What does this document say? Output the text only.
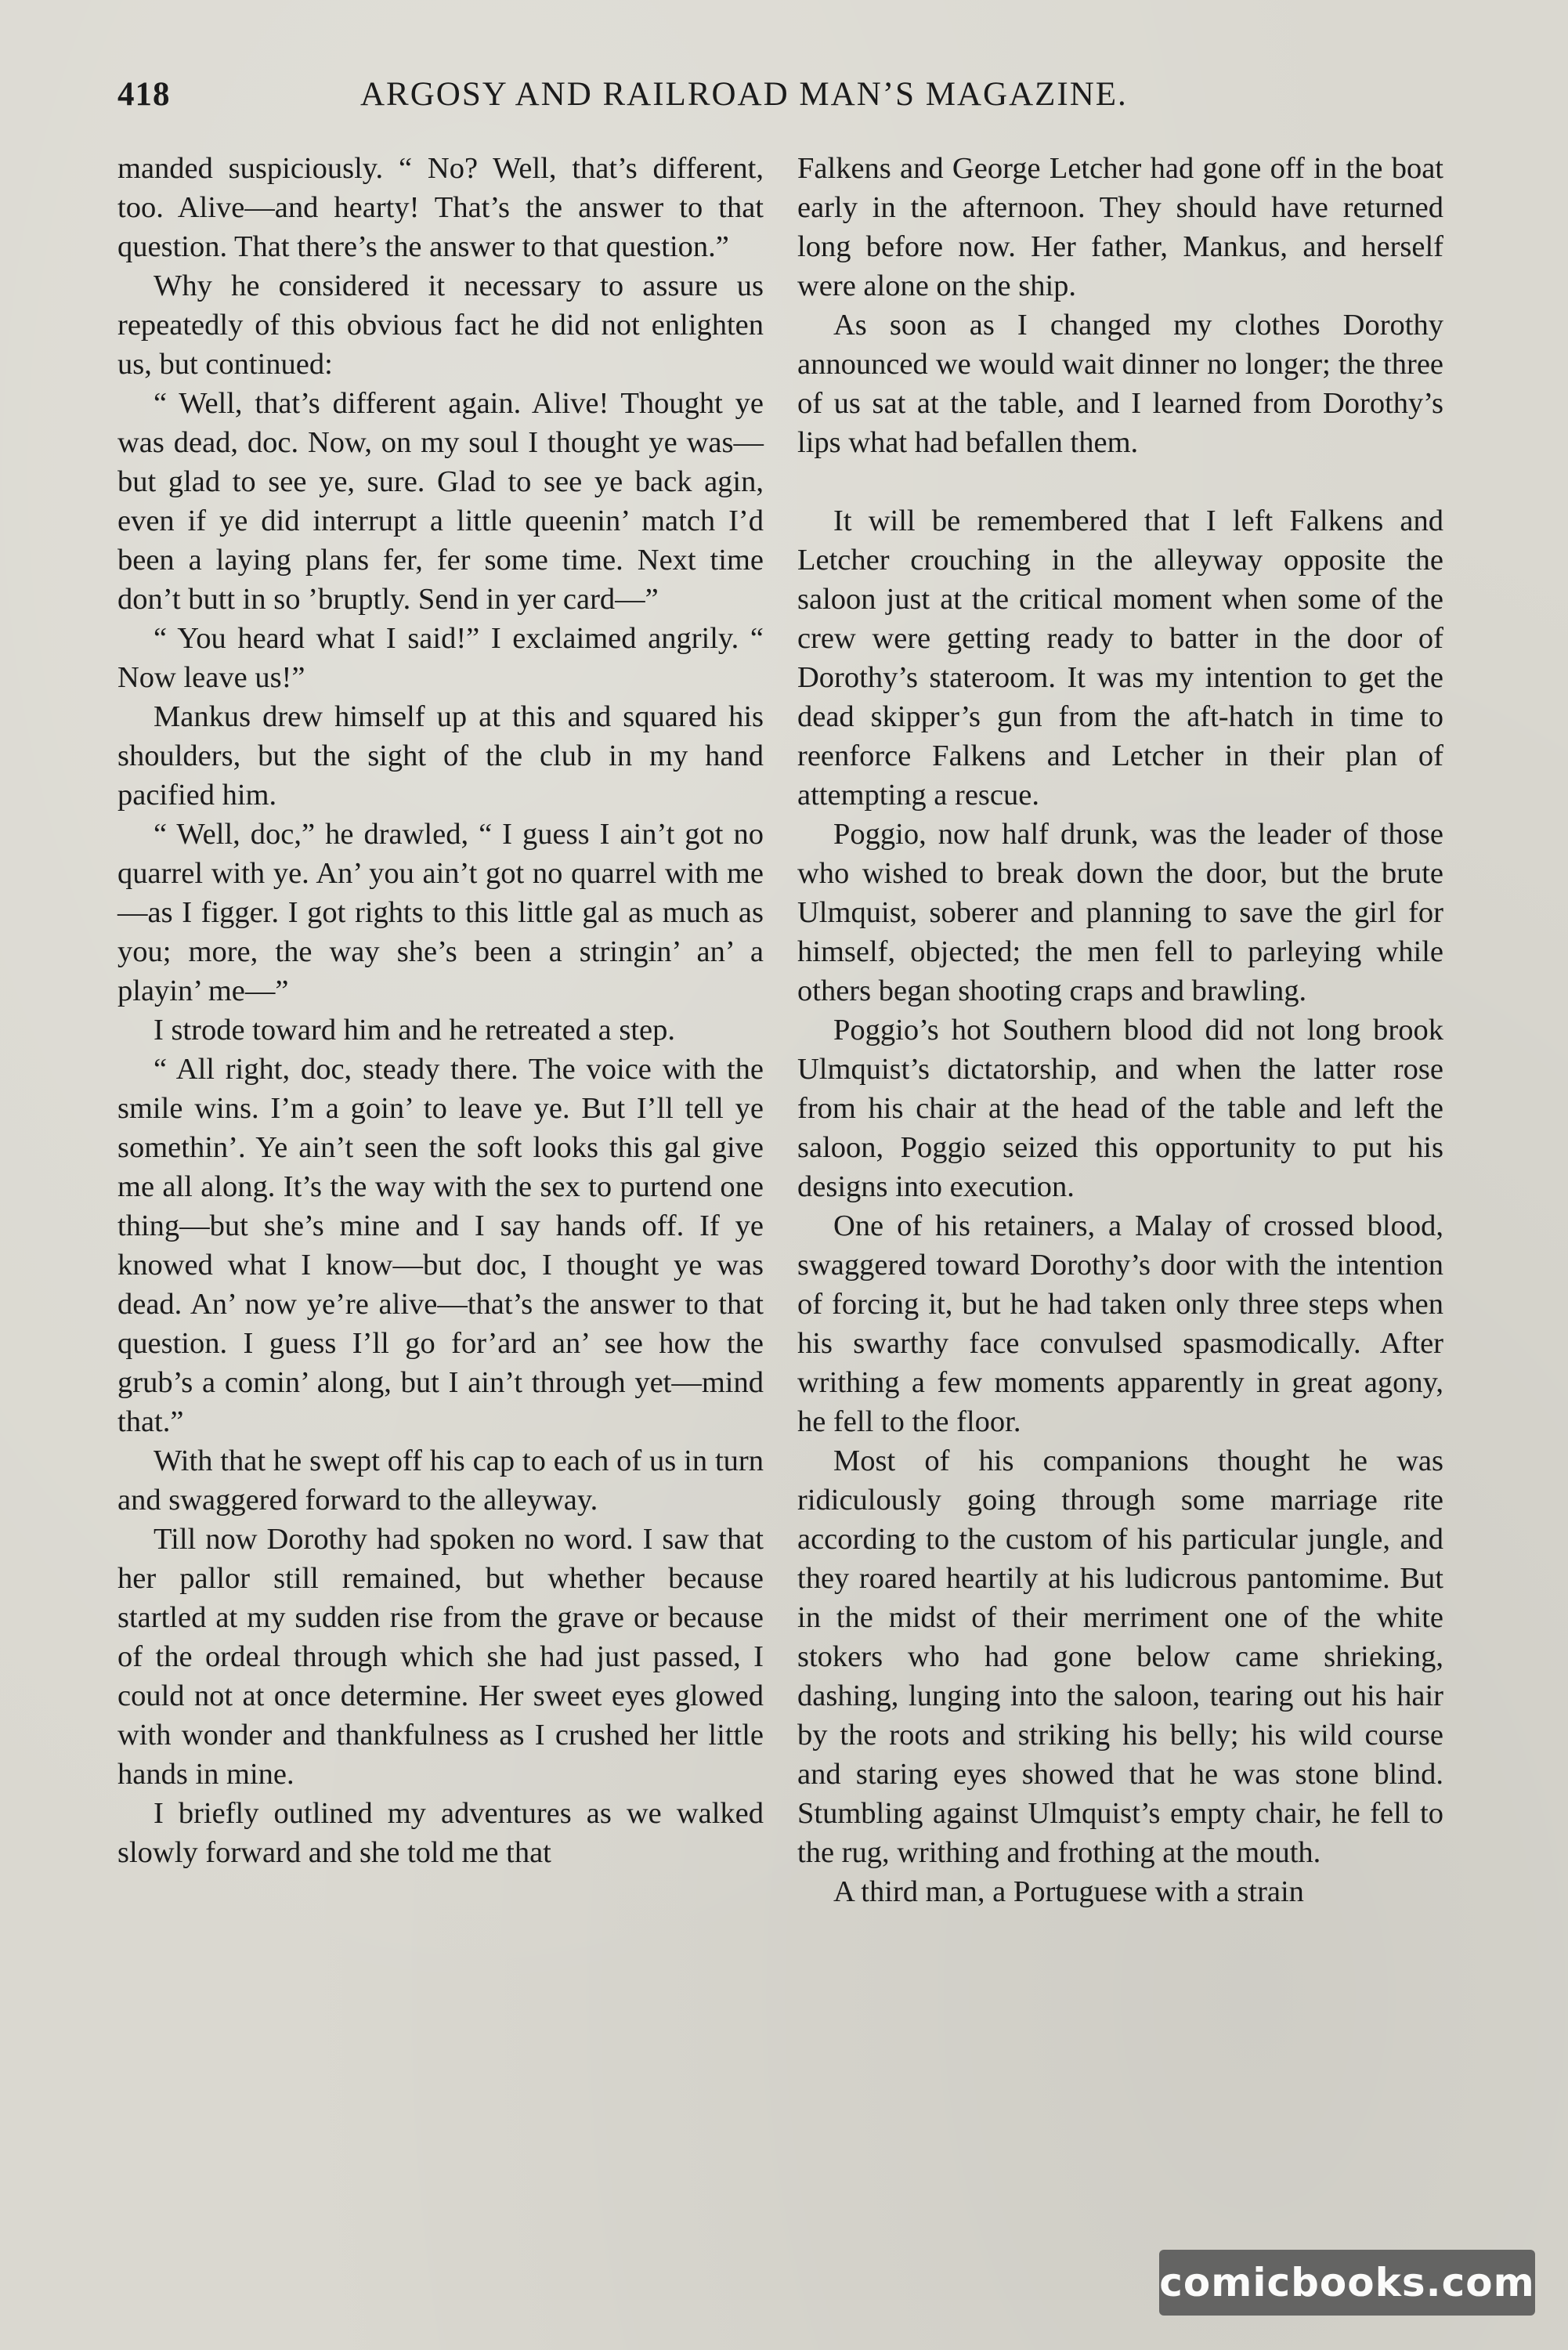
418	ARGOSY AND RAILROAD MAN’S MAGAZINE.

manded suspiciously. “ No? Well, that’s different, too. Alive—and hearty! That’s the answer to that question. That there’s the answer to that question.”

Why he considered it necessary to assure us repeatedly of this obvious fact he did not enlighten us, but continued:

“ Well, that’s different again. Alive! Thought ye was dead, doc. Now, on my soul I thought ye was—but glad to see ye, sure. Glad to see ye back agin, even if ye did interrupt a little queenin’ match I’d been a laying plans fer, fer some time. Next time don’t butt in so ’bruptly. Send in yer card—”

“ You heard what I said!” I exclaimed angrily. “ Now leave us!”

Mankus drew himself up at this and squared his shoulders, but the sight of the club in my hand pacified him.

“ Well, doc,” he drawled, “ I guess I ain’t got no quarrel with ye. An’ you ain’t got no quarrel with me—as I figger. I got rights to this little gal as much as you; more, the way she’s been a stringin’ an’ a playin’ me—”

I strode toward him and he retreated a step.

“ All right, doc, steady there. The voice with the smile wins. I’m a goin’ to leave ye. But I’ll tell ye somethin’. Ye ain’t seen the soft looks this gal give me all along. It’s the way with the sex to purtend one thing—but she’s mine and I say hands off. If ye knowed what I know—but doc, I thought ye was dead. An’ now ye’re alive—that’s the answer to that question. I guess I’ll go for’ard an’ see how the grub’s a comin’ along, but I ain’t through yet—mind that.”

With that he swept off his cap to each of us in turn and swaggered forward to the alleyway.

Till now Dorothy had spoken no word. I saw that her pallor still remained, but whether because startled at my sudden rise from the grave or because of the ordeal through which she had just passed, I could not at once determine. Her sweet eyes glowed with wonder and thankfulness as I crushed her little hands in mine.

I briefly outlined my adventures as we walked slowly forward and she told me that

Falkens and George Letcher had gone off in the boat early in the afternoon. They should have returned long before now. Her father, Mankus, and herself were alone on the ship.

As soon as I changed my clothes Dorothy announced we would wait dinner no longer; the three of us sat at the table, and I learned from Dorothy’s lips what had befallen them.

It will be remembered that I left Falkens and Letcher crouching in the alleyway opposite the saloon just at the critical moment when some of the crew were getting ready to batter in the door of Dorothy’s stateroom. It was my intention to get the dead skipper’s gun from the aft-hatch in time to reenforce Falkens and Letcher in their plan of attempting a rescue.

Poggio, now half drunk, was the leader of those who wished to break down the door, but the brute Ulmquist, soberer and planning to save the girl for himself, objected; the men fell to parleying while others began shooting craps and brawling.

Poggio’s hot Southern blood did not long brook Ulmquist’s dictatorship, and when the latter rose from his chair at the head of the table and left the saloon, Poggio seized this opportunity to put his designs into execution.

One of his retainers, a Malay of crossed blood, swaggered toward Dorothy’s door with the intention of forcing it, but he had taken only three steps when his swarthy face convulsed spasmodically. After writhing a few moments apparently in great agony, he fell to the floor.

Most of his companions thought he was ridiculously going through some marriage rite according to the custom of his particular jungle, and they roared heartily at his ludicrous pantomime. But in the midst of their merriment one of the white stokers who had gone below came shrieking, dashing, lunging into the saloon, tearing out his hair by the roots and striking his belly; his wild course and staring eyes showed that he was stone blind. Stumbling against Ulmquist’s empty chair, he fell to the rug, writhing and frothing at the mouth.

A third man, a Portuguese with a strain

comicbooks.com
